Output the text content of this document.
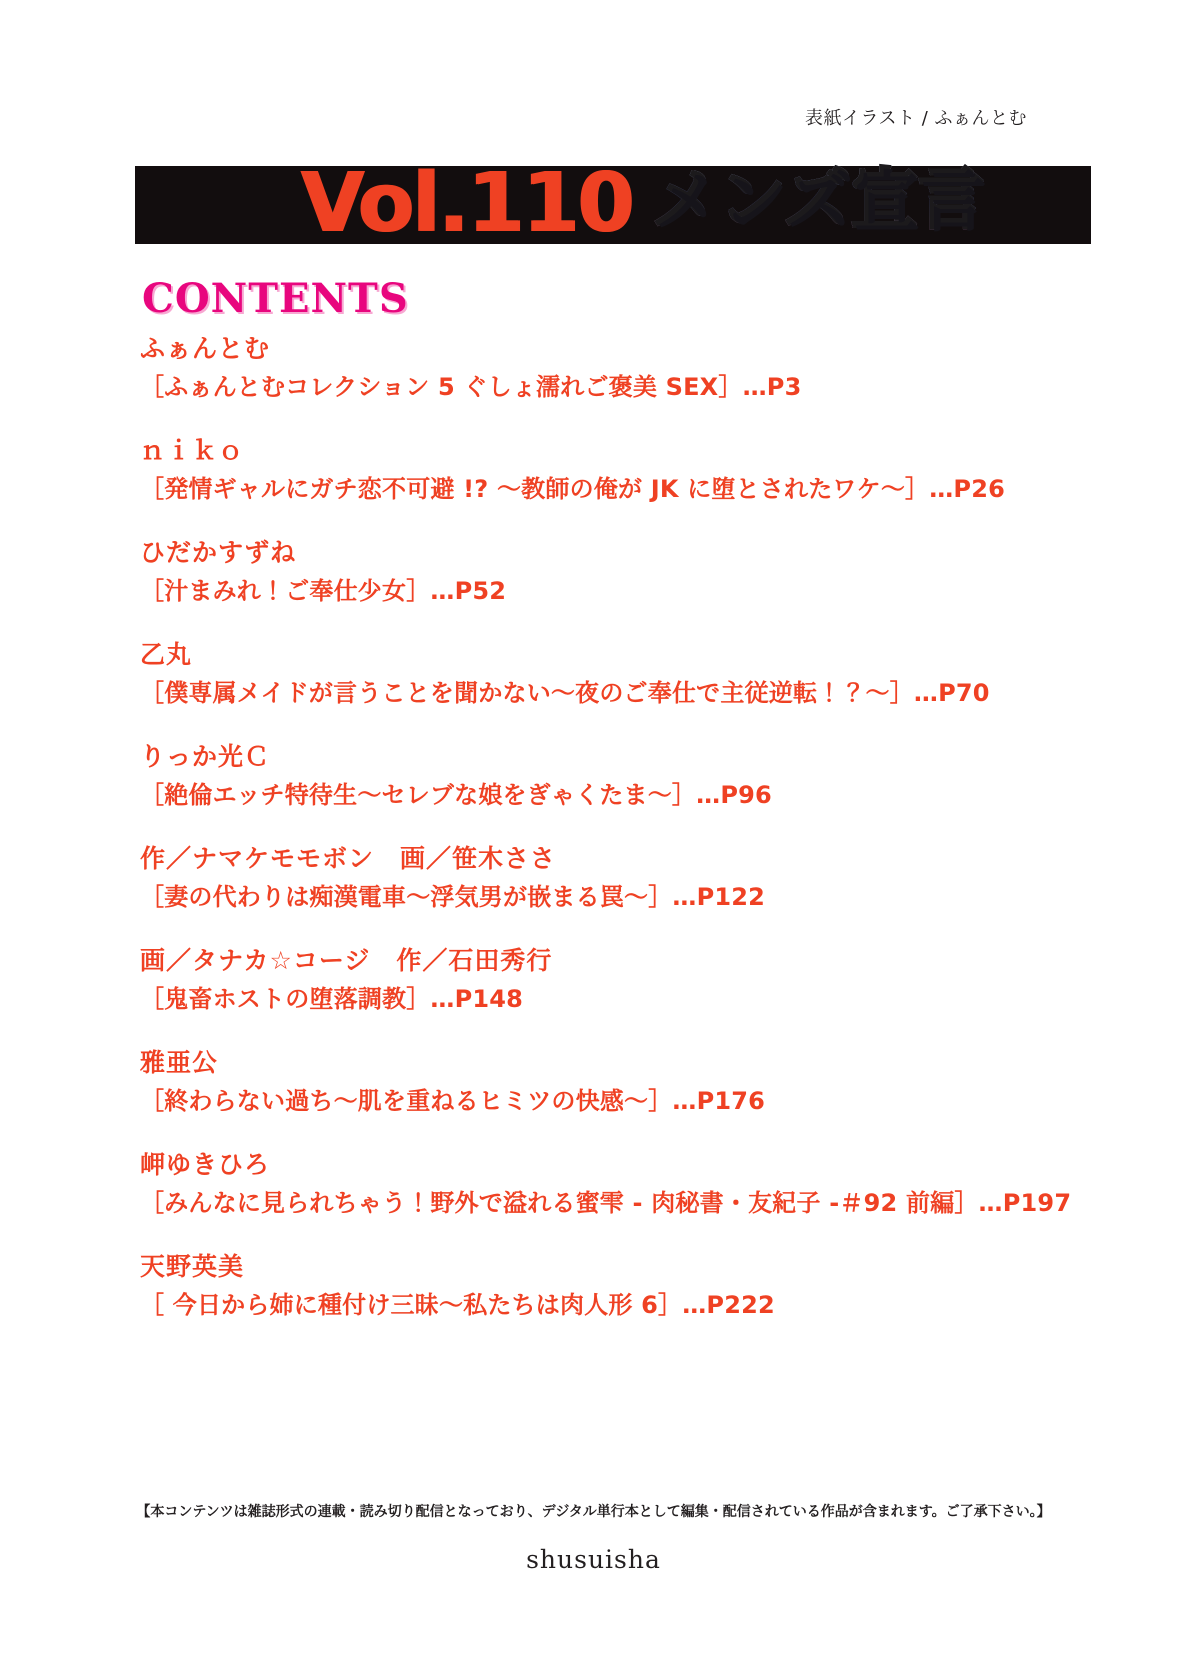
Vol.110 メンズ宣言
表紙イラスト / ふぁんとむ
CONTENTS
ふぁんとむ
［ふぁんとむコレクション 5 ぐしょ濡れご褒美 SEX］…P3
ｎｉｋｏ
［発情ギャルにガチ恋不可避 !? ～教師の俺が JK に堕とされたワケ～］…P26
ひだかすずね
［汁まみれ！ご奉仕少女］…P52
乙丸
［僕専属メイドが言うことを聞かない～夜のご奉仕で主従逆転！？～］…P70
りっか光Ｃ
［絶倫エッチ特待生～セレブな娘をぎゃくたま～］…P96
作／ナマケモモボン　画／笹木ささ
［妻の代わりは痴漢電車～浮気男が嵌まる罠～］…P122
画／タナカ☆コージ　作／石田秀行
［鬼畜ホストの堕落調教］…P148
雅亜公
［終わらない過ち～肌を重ねるヒミツの快感～］…P176
岬ゆきひろ
［みんなに見られちゃう！野外で溢れる蜜雫 - 肉秘書・友紀子 -＃92 前編］…P197
天野英美
［ 今日から姉に種付け三昧～私たちは肉人形 6］…P222
【本コンテンツは雑誌形式の連載・読み切り配信となっており、デジタル単行本として編集・配信されている作品が含まれます。ご了承下さい。】
shusuisha
